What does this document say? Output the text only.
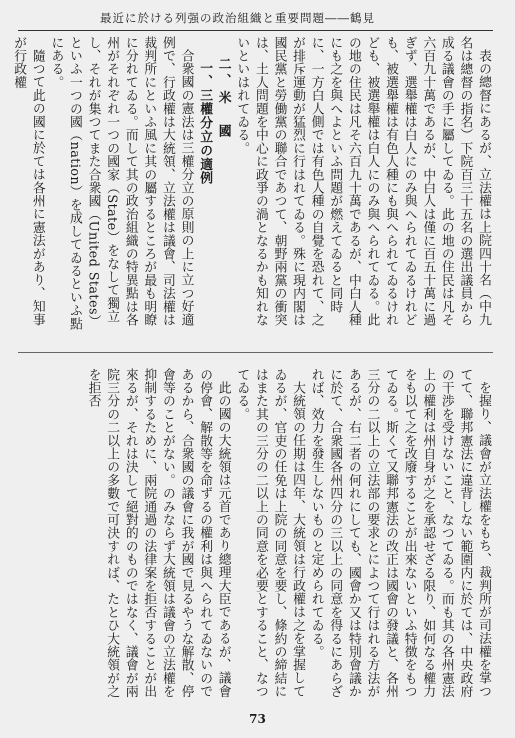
最近に於ける列强の政治組織と重要問題――鶴見

表の總督にあるが、立法權は上院四十名（中九名は總督の指名）下院百三十五名の選出議員から成る議會の手に屬してゐる。此の地の住民は凡そ六百九十萬であるが、中白人は僅に百五十萬に過ぎず、選舉權は白人にのみ與へられてゐるけれども、被選舉權は有色人種にも與へられてゐるけれども、被選舉權は白人にのみ與へられてゐる。此の地の住民は凡そ六百九十萬であるが、中白人種にも之を與へよといふ問題が燃えてゐると同時に、一方白人側では有色人種の自覺を恐れて、之が排斥運動が猛烈に行はれてゐる。殊に現内閣は國民黨と勞働黨の聯合であつて、朝野兩黨の衝突は、土人問題を中心に政爭の渦となるかも知れないといはれてゐる。

二、米　國

一、三權分立の適例

合衆國の憲法は三權分立の原則の上に立つ好適例で、行政權は大統領、立法權は議會、司法權は裁判所にといふ風に其の屬するところが最も明瞭に分れてゐる。而して其の政治組織の特異點は各州がそれぞれ一つの國家（State）をなして獨立し、それが集つてまた合衆國（United States）といふ一つの國（nation）を成してゐるといふ點にある。

隨つて此の國に於ては各州に憲法があり、知事が行政權

を握り、議會が立法權をもち、裁判所が司法權を掌つてて、聯邦憲法に違背しない範圍内に於ては、中央政府の干渉を受けないこと、なつてゐる。而も其の各州憲法上の權利は州自身が之を承認せざる限り、如何なる權力をも以て之を改廢することが出來ないといふ特徴をもつてゐる。斯くて又聯邦憲法の改正は國會の發議と、各州三分の二以上の立法部の要求とによつて行はれる方法があるが、右二者の何れにしても、國會か又は特別會議かに於て、合衆國各州四分の三以上の同意を得るにあらざれば、效力を發生しないものと定められてゐる。

大統領の任期は四年、大統領は行政權は之を掌握してゐるが、官吏の任免は上院の同意を要し、條約の締結にはまた其の三分の二以上の同意を必要とすること、なつてゐる。

此の國の大統領は元首であり總理大臣であるが、議會の停會、解散等を命ずるの權利は與へられてゐないのであるから、合衆國の議會に我が國で見るやうな解散、停會等のことがない。のみならず大統領は議會の立法權を抑制するために、兩院通過の法律案を拒否することが出來るが、それは決して絕對的のものではなく、議會が兩院三分の二以上の多數で可決すれば、たとひ大統領が之を拒否

73
